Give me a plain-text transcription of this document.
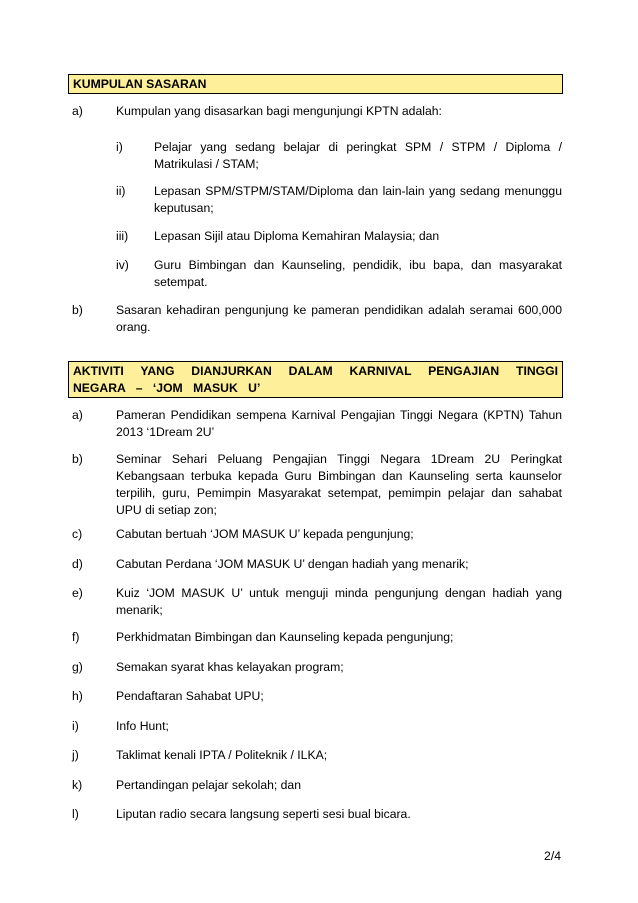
KUMPULAN SASARAN
a)	Kumpulan yang disasarkan bagi mengunjungi KPTN adalah:
i)	Pelajar yang sedang belajar di peringkat SPM / STPM / Diploma / Matrikulasi / STAM;
ii) Lepasan SPM/STPM/STAM/Diploma dan lain-lain yang sedang menunggu keputusan;
iii) Lepasan Sijil atau Diploma Kemahiran Malaysia; dan
iv) Guru Bimbingan dan Kaunseling, pendidik, ibu bapa, dan masyarakat setempat.
b)	Sasaran kehadiran pengunjung ke pameran pendidikan adalah seramai 600,000 orang.
AKTIVITI YANG DIANJURKAN DALAM KARNIVAL PENGAJIAN TINGGI NEGARA – ‘JOM MASUK U’
a)	Pameran Pendidikan sempena Karnival Pengajian Tinggi Negara (KPTN) Tahun 2013 ‘1Dream 2U’
b)	Seminar Sehari Peluang Pengajian Tinggi Negara 1Dream 2U Peringkat Kebangsaan terbuka kepada Guru Bimbingan dan Kaunseling serta kaunselor terpilih, guru, Pemimpin Masyarakat setempat, pemimpin pelajar dan sahabat UPU di setiap zon;
c)	Cabutan bertuah ‘JOM MASUK U’ kepada pengunjung;
d)	Cabutan Perdana ‘JOM MASUK U’ dengan hadiah yang menarik;
e)	Kuiz ‘JOM MASUK U’ untuk menguji minda pengunjung dengan hadiah yang menarik;
f)	Perkhidmatan Bimbingan dan Kaunseling kepada pengunjung;
g)	Semakan syarat khas kelayakan program;
h)	Pendaftaran Sahabat UPU;
i)	Info Hunt;
j)	Taklimat kenali IPTA / Politeknik / ILKA;
k)	Pertandingan pelajar sekolah; dan
l)	Liputan radio secara langsung seperti sesi bual bicara.
2/4
